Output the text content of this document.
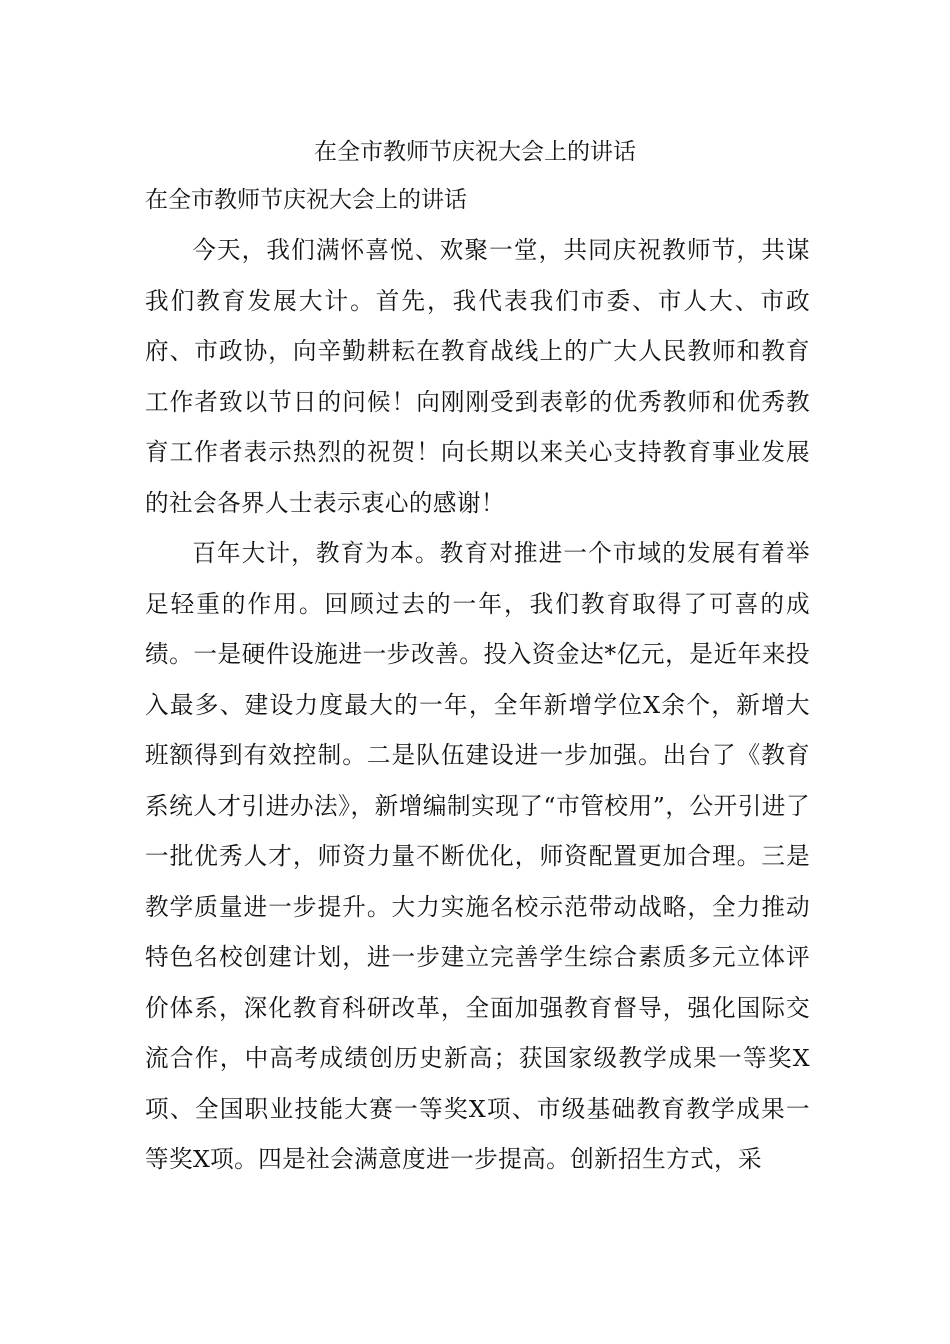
在全市教师节庆祝大会上的讲话
在全市教师节庆祝大会上的讲话

今天，我们满怀喜悦、欢聚一堂，共同庆祝教师节，共谋我们教育发展大计。首先，我代表我们市委、市人大、市政府、市政协，向辛勤耕耘在教育战线上的广大人民教师和教育工作者致以节日的问候！向刚刚受到表彰的优秀教师和优秀教育工作者表示热烈的祝贺！向长期以来关心支持教育事业发展的社会各界人士表示衷心的感谢！

百年大计，教育为本。教育对推进一个市域的发展有着举足轻重的作用。回顾过去的一年，我们教育取得了可喜的成绩。一是硬件设施进一步改善。投入资金达*亿元，是近年来投入最多、建设力度最大的一年，全年新增学位X余个，新增大班额得到有效控制。二是队伍建设进一步加强。出台了《教育系统人才引进办法》，新增编制实现了“市管校用”，公开引进了一批优秀人才，师资力量不断优化，师资配置更加合理。三是教学质量进一步提升。大力实施名校示范带动战略，全力推动特色名校创建计划，进一步建立完善学生综合素质多元立体评价体系，深化教育科研改革，全面加强教育督导，强化国际交流合作，中高考成绩创历史新高；获国家级教学成果一等奖X项、全国职业技能大赛一等奖X项、市级基础教育教学成果一等奖X项。四是社会满意度进一步提高。创新招生方式，采
